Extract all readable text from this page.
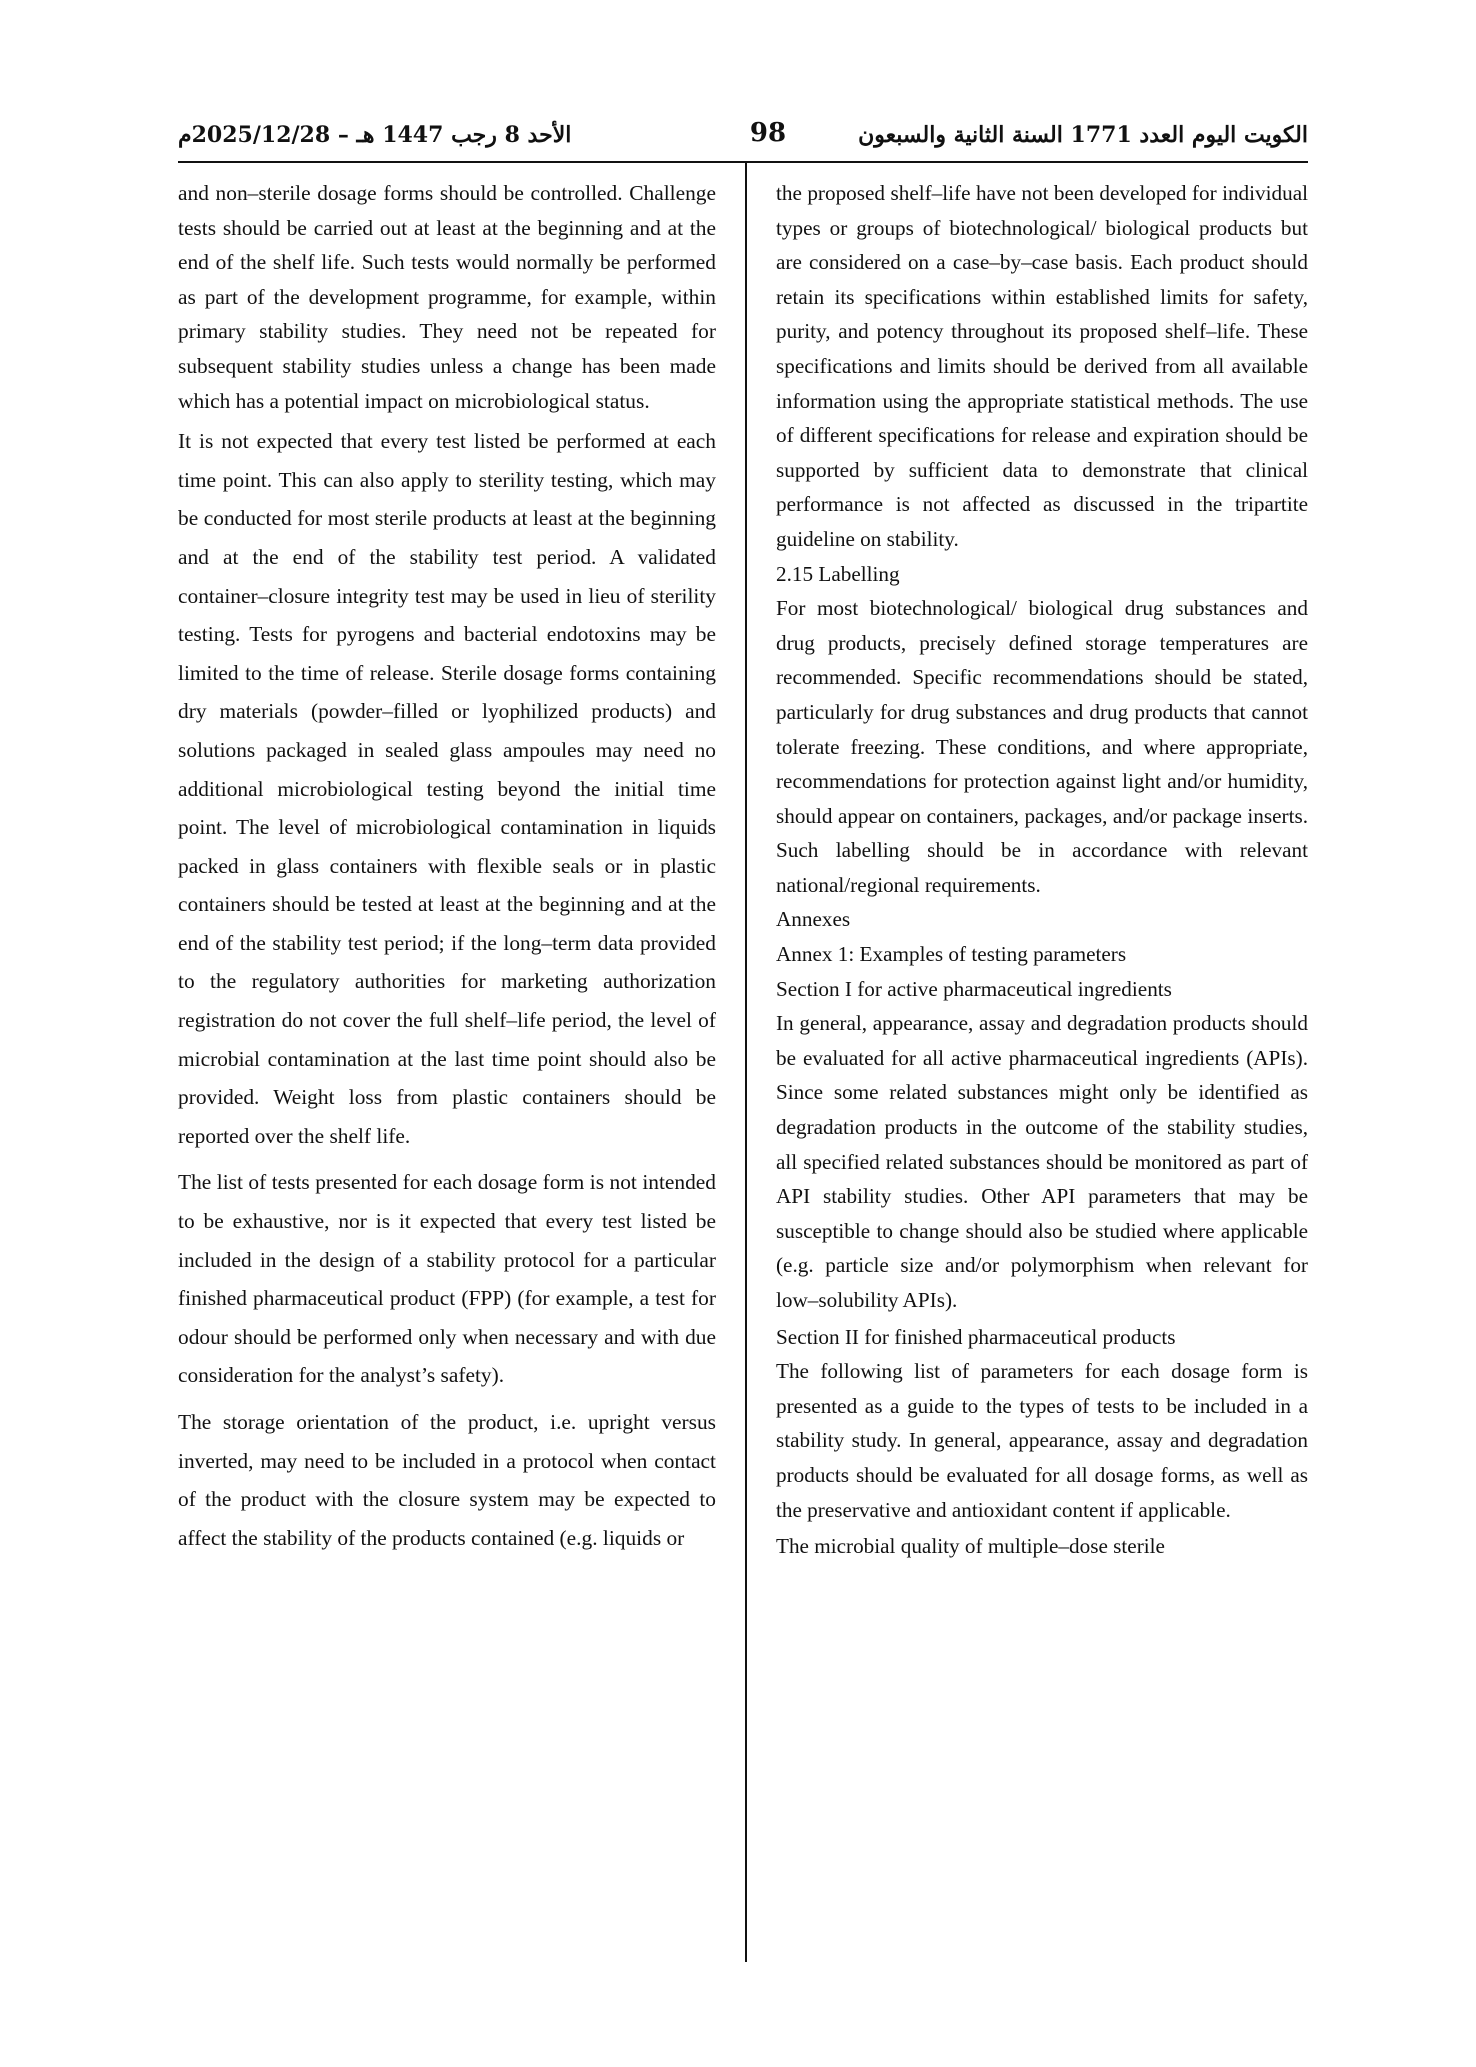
الأحد 8 رجب 1447 هـ – 2025/12/28م	98	الكويت اليوم العدد 1771 السنة الثانية والسبعون

and non–sterile dosage forms should be controlled. Challenge tests should be carried out at least at the beginning and at the end of the shelf life. Such tests would normally be performed as part of the development programme, for example, within primary stability studies. They need not be repeated for subsequent stability studies unless a change has been made which has a potential impact on microbiological status.

It is not expected that every test listed be performed at each time point. This can also apply to sterility testing, which may be conducted for most sterile products at least at the beginning and at the end of the stability test period. A validated container–closure integrity test may be used in lieu of sterility testing. Tests for pyrogens and bacterial endotoxins may be limited to the time of release. Sterile dosage forms containing dry materials (powder–filled or lyophilized products) and solutions packaged in sealed glass ampoules may need no additional microbiological testing beyond the initial time point. The level of microbiological contamination in liquids packed in glass containers with flexible seals or in plastic containers should be tested at least at the beginning and at the end of the stability test period; if the long–term data provided to the regulatory authorities for marketing authorization registration do not cover the full shelf–life period, the level of microbial contamination at the last time point should also be provided. Weight loss from plastic containers should be reported over the shelf life.

The list of tests presented for each dosage form is not intended to be exhaustive, nor is it expected that every test listed be included in the design of a stability protocol for a particular finished pharmaceutical product (FPP) (for example, a test for odour should be performed only when necessary and with due consideration for the analyst’s safety).

The storage orientation of the product, i.e. upright versus inverted, may need to be included in a protocol when contact of the product with the closure system may be expected to affect the stability of the products contained (e.g. liquids or

the proposed shelf–life have not been developed for individual types or groups of biotechnological/ biological products but are considered on a case–by–case basis. Each product should retain its specifications within established limits for safety, purity, and potency throughout its proposed shelf–life. These specifications and limits should be derived from all available information using the appropriate statistical methods. The use of different specifications for release and expiration should be supported by sufficient data to demonstrate that clinical performance is not affected as discussed in the tripartite guideline on stability.

2.15 Labelling

For most biotechnological/ biological drug substances and drug products, precisely defined storage temperatures are recommended. Specific recommendations should be stated, particularly for drug substances and drug products that cannot tolerate freezing. These conditions, and where appropriate, recommendations for protection against light and/or humidity, should appear on containers, packages, and/or package inserts. Such labelling should be in accordance with relevant national/regional requirements.

Annexes

Annex 1: Examples of testing parameters

Section I for active pharmaceutical ingredients

In general, appearance, assay and degradation products should be evaluated for all active pharmaceutical ingredients (APIs). Since some related substances might only be identified as degradation products in the outcome of the stability studies, all specified related substances should be monitored as part of API stability studies. Other API parameters that may be susceptible to change should also be studied where applicable (e.g. particle size and/or polymorphism when relevant for low–solubility APIs).

Section II for finished pharmaceutical products

The following list of parameters for each dosage form is presented as a guide to the types of tests to be included in a stability study. In general, appearance, assay and degradation products should be evaluated for all dosage forms, as well as the preservative and antioxidant content if applicable.

The microbial quality of multiple–dose sterile
